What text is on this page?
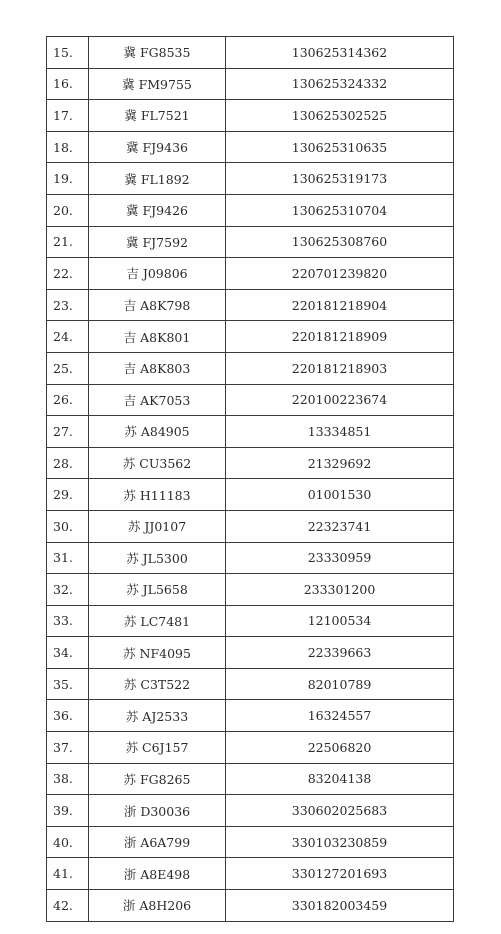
15.	冀 FG8535	130625314362
16.	冀 FM9755	130625324332
17.	冀 FL7521	130625302525
18.	冀 FJ9436	130625310635
19.	冀 FL1892	130625319173
20.	冀 FJ9426	130625310704
21.	冀 FJ7592	130625308760
22.	吉 J09806	220701239820
23.	吉 A8K798	220181218904
24.	吉 A8K801	220181218909
25.	吉 A8K803	220181218903
26.	吉 AK7053	220100223674
27.	苏 A84905	13334851
28.	苏 CU3562	21329692
29.	苏 H11183	01001530
30.	苏 JJ0107	22323741
31.	苏 JL5300	23330959
32.	苏 JL5658	233301200
33.	苏 LC7481	12100534
34.	苏 NF4095	22339663
35.	苏 C3T522	82010789
36.	苏 AJ2533	16324557
37.	苏 C6J157	22506820
38.	苏 FG8265	83204138
39.	浙 D30036	330602025683
40.	浙 A6A799	330103230859
41.	浙 A8E498	330127201693
42.	浙 A8H206	330182003459
